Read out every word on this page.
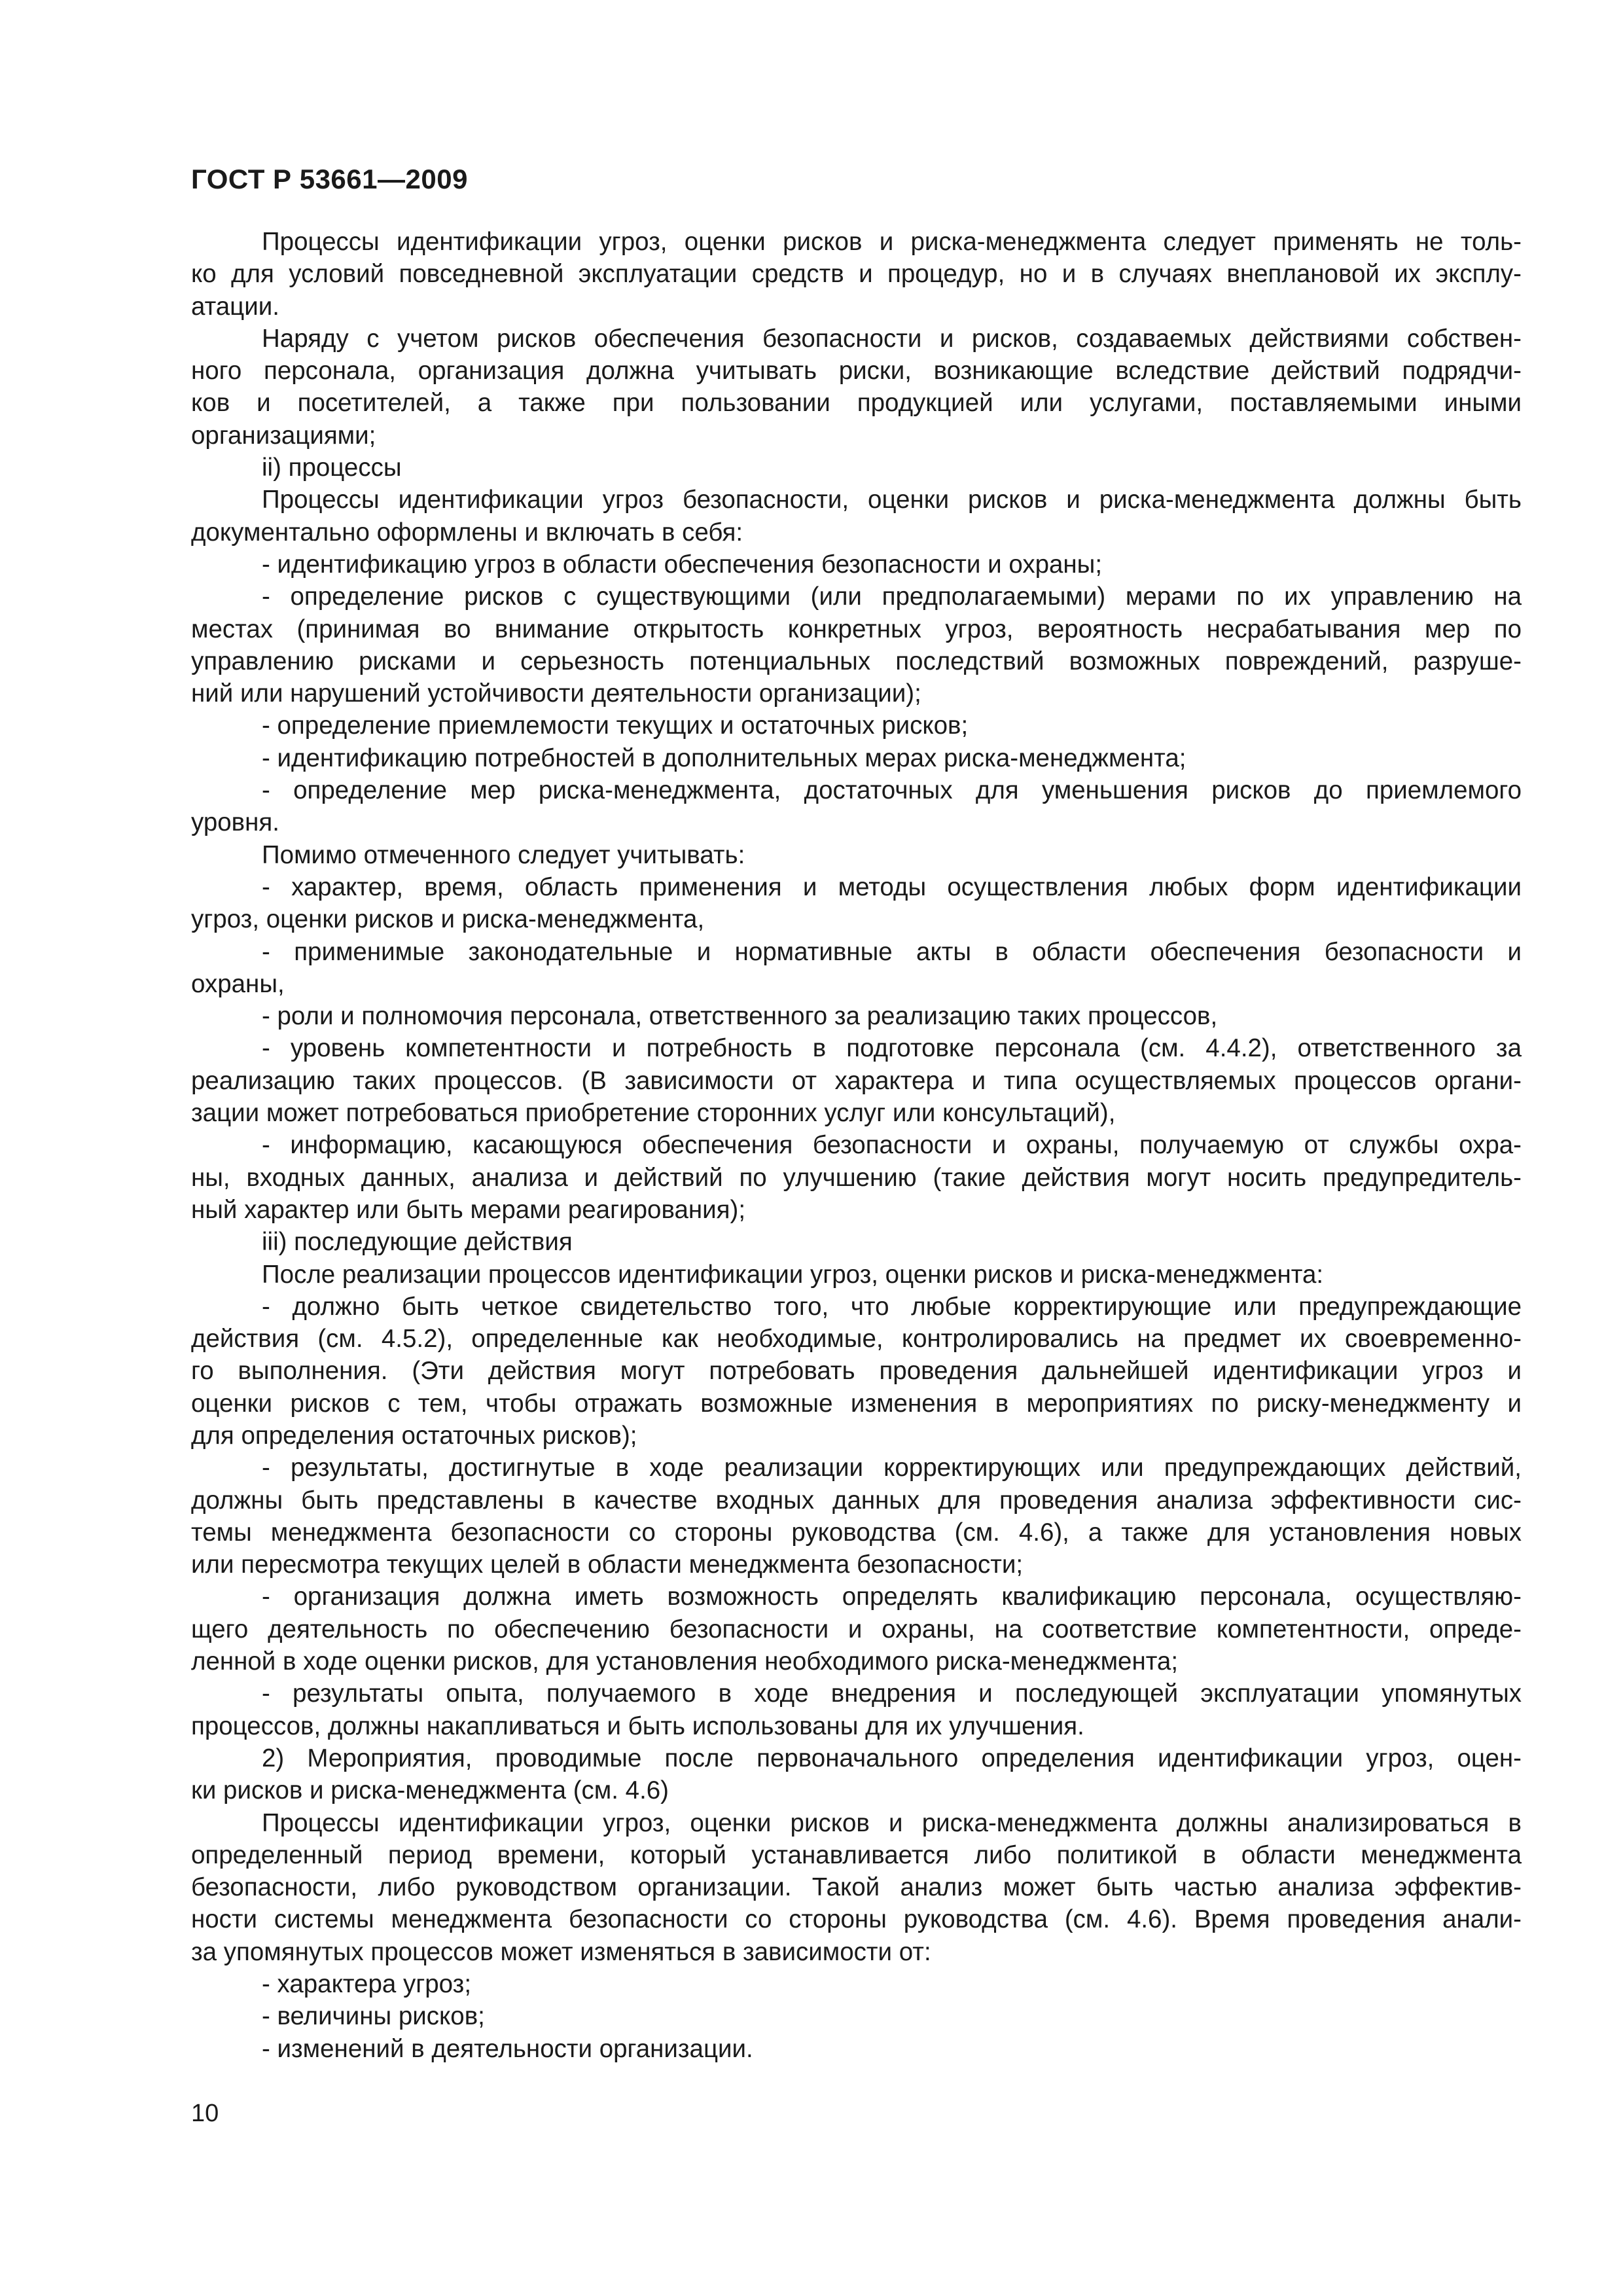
ГОСТ Р 53661—2009
Процессы идентификации угроз, оценки рисков и риска-менеджмента следует применять не толь-
ко для условий повседневной эксплуатации средств и процедур, но и в случаях внеплановой их эксплу-
атации.
Наряду с учетом рисков обеспечения безопасности и рисков, создаваемых действиями собствен-
ного персонала, организация должна учитывать риски, возникающие вследствие действий подрядчи-
ков и посетителей, а также при пользовании продукцией или услугами, поставляемыми иными
организациями;
ii) процессы
Процессы идентификации угроз безопасности, оценки рисков и риска-менеджмента должны быть
документально оформлены и включать в себя:
- идентификацию угроз в области обеспечения безопасности и охраны;
- определение рисков с существующими (или предполагаемыми) мерами по их управлению на
местах (принимая во внимание открытость конкретных угроз, вероятность несрабатывания мер по
управлению рисками и серьезность потенциальных последствий возможных повреждений, разруше-
ний или нарушений устойчивости деятельности организации);
- определение приемлемости текущих и остаточных рисков;
- идентификацию потребностей в дополнительных мерах риска-менеджмента;
- определение мер риска-менеджмента, достаточных для уменьшения рисков до приемлемого
уровня.
Помимо отмеченного следует учитывать:
- характер, время, область применения и методы осуществления любых форм идентификации
угроз, оценки рисков и риска-менеджмента,
- применимые законодательные и нормативные акты в области обеспечения безопасности и
охраны,
- роли и полномочия персонала, ответственного за реализацию таких процессов,
- уровень компетентности и потребность в подготовке персонала (см. 4.4.2), ответственного за
реализацию таких процессов. (В зависимости от характера и типа осуществляемых процессов органи-
зации может потребоваться приобретение сторонних услуг или консультаций),
- информацию, касающуюся обеспечения безопасности и охраны, получаемую от службы охра-
ны, входных данных, анализа и действий по улучшению (такие действия могут носить предупредитель-
ный характер или быть мерами реагирования);
iii) последующие действия
После реализации процессов идентификации угроз, оценки рисков и риска-менеджмента:
- должно быть четкое свидетельство того, что любые корректирующие или предупреждающие
действия (см. 4.5.2), определенные как необходимые, контролировались на предмет их своевременно-
го выполнения. (Эти действия могут потребовать проведения дальнейшей идентификации угроз и
оценки рисков с тем, чтобы отражать возможные изменения в мероприятиях по риску-менеджменту и
для определения остаточных рисков);
- результаты, достигнутые в ходе реализации корректирующих или предупреждающих действий,
должны быть представлены в качестве входных данных для проведения анализа эффективности сис-
темы менеджмента безопасности со стороны руководства (см. 4.6), а также для установления новых
или пересмотра текущих целей в области менеджмента безопасности;
- организация должна иметь возможность определять квалификацию персонала, осуществляю-
щего деятельность по обеспечению безопасности и охраны, на соответствие компетентности, опреде-
ленной в ходе оценки рисков, для установления необходимого риска-менеджмента;
- результаты опыта, получаемого в ходе внедрения и последующей эксплуатации упомянутых
процессов, должны накапливаться и быть использованы для их улучшения.
2) Мероприятия, проводимые после первоначального определения идентификации угроз, оцен-
ки рисков и риска-менеджмента (см. 4.6)
Процессы идентификации угроз, оценки рисков и риска-менеджмента должны анализироваться в
определенный период времени, который устанавливается либо политикой в области менеджмента
безопасности, либо руководством организации. Такой анализ может быть частью анализа эффектив-
ности системы менеджмента безопасности со стороны руководства (см. 4.6). Время проведения анали-
за упомянутых процессов может изменяться в зависимости от:
- характера угроз;
- величины рисков;
- изменений в деятельности организации.
10
